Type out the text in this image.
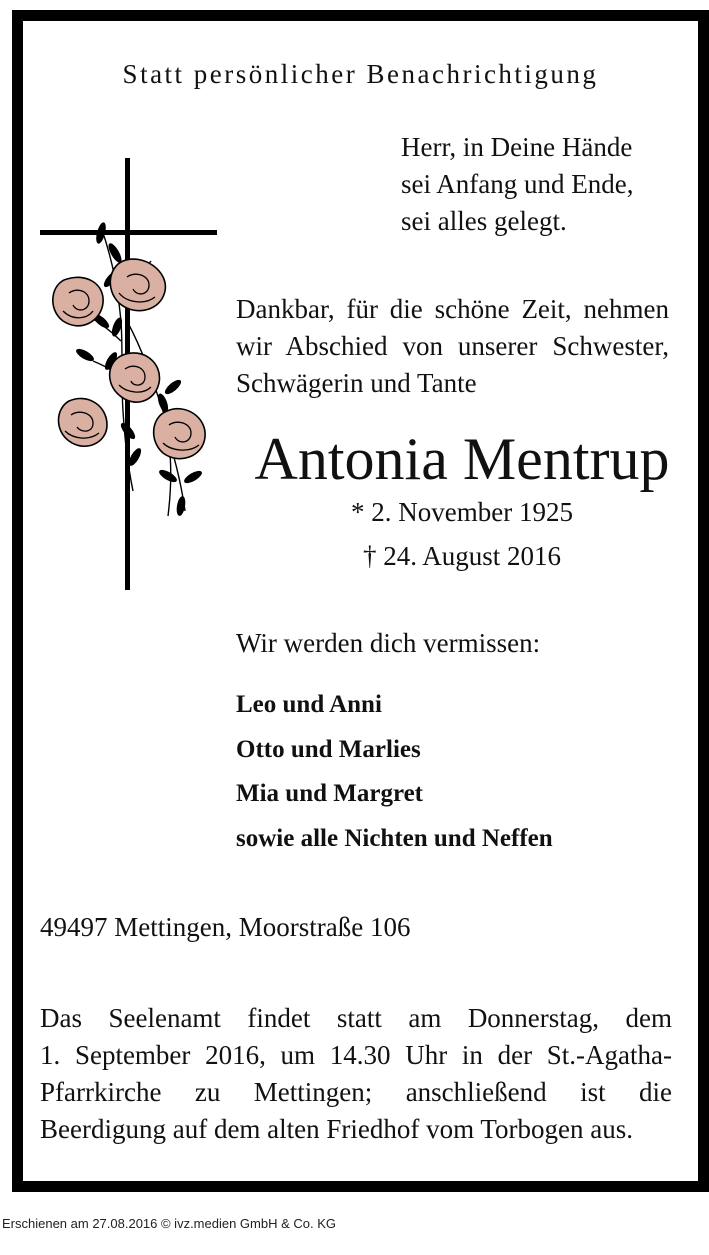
Statt persönlicher Benachrichtigung

Herr, in Deine Hände
sei Anfang und Ende,
sei alles gelegt.
Dankbar, für die schöne Zeit, nehmen
wir Abschied von unserer Schwester,
Schwägerin und Tante

Antonia Mentrup

* 2. November 1925

† 24. August 2016

Wir werden dich vermissen:

Leo und Anni
Otto und Marlies
Mia und Margret
sowie alle Nichten und Neffen

49497 Mettingen, Moorstraße 106

Das Seelenamt findet statt am Donnerstag, dem
1. September 2016, um 14.30 Uhr in der St.-Agatha-
Pfarrkirche zu Mettingen; anschließend ist die
Beerdigung auf dem alten Friedhof vom Torbogen aus.
Erschienen am 27.08.2016 © ivz.medien GmbH & Co. KG
